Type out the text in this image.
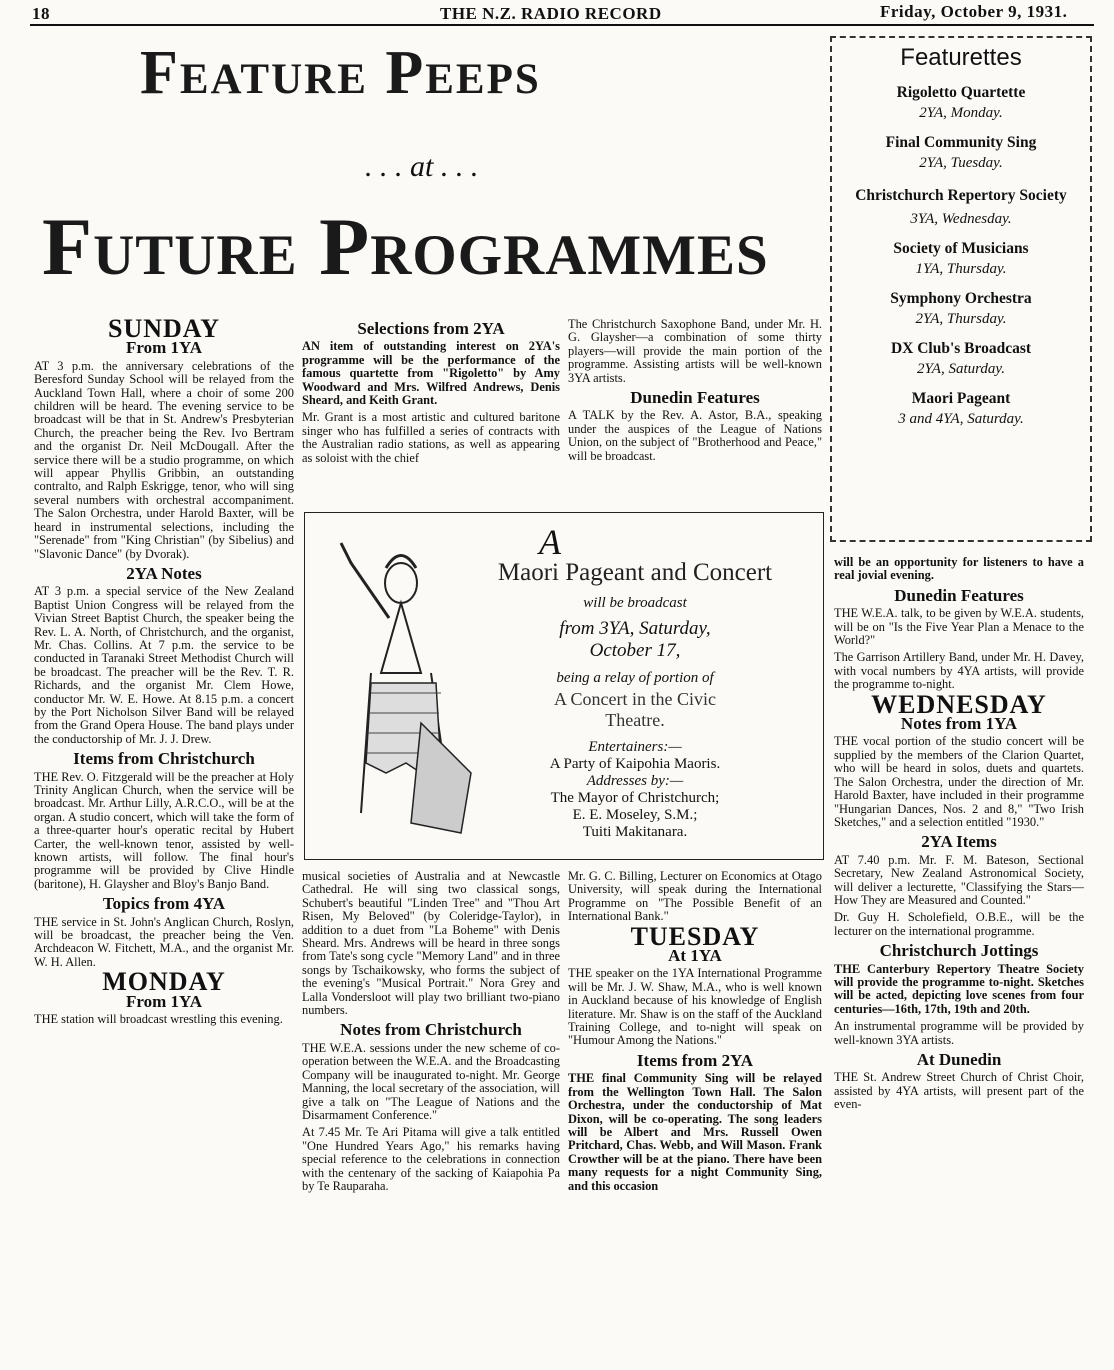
18	THE N.Z. RADIO RECORD	Friday, October 9, 1931.
Feature Peeps
. . . at . . .
Future Programmes
Featurettes
Rigoletto Quartette
2YA, Monday.
Final Community Sing
2YA, Tuesday.
Christchurch Repertory Society
3YA, Wednesday.
Society of Musicians
1YA, Thursday.
Symphony Orchestra
2YA, Thursday.
DX Club's Broadcast
2YA, Saturday.
Maori Pageant
3 and 4YA, Saturday.
SUNDAY
From 1YA

AT 3 p.m. the anniversary celebrations of the Beresford Sunday School will be relayed from the Auckland Town Hall, where a choir of some 200 children will be heard. The evening service to be broadcast will be that in St. Andrew's Presbyterian Church, the preacher being the Rev. Ivo Bertram and the organist Dr. Neil McDougall. After the service there will be a studio programme, on which will appear Phyllis Gribbin, an outstanding contralto, and Ralph Eskrigge, tenor, who will sing several numbers with orchestral accompaniment. The Salon Orchestra, under Harold Baxter, will be heard in instrumental selections, including the "Serenade" from "King Christian" (by Sibelius) and "Slavonic Dance" (by Dvorak).

2YA Notes

AT 3 p.m. a special service of the New Zealand Baptist Union Congress will be relayed from the Vivian Street Baptist Church, the speaker being the Rev. L. A. North, of Christchurch, and the organist, Mr. Chas. Collins. At 7 p.m. the service to be conducted in Taranaki Street Methodist Church will be broadcast. The preacher will be the Rev. T. R. Richards, and the organist Mr. Clem Howe, conductor Mr. W. E. Howe. At 8.15 p.m. a concert by the Port Nicholson Silver Band will be relayed from the Grand Opera House. The band plays under the conductorship of Mr. J. J. Drew.

Items from Christchurch

THE Rev. O. Fitzgerald will be the preacher at Holy Trinity Anglican Church, when the service will be broadcast. Mr. Arthur Lilly, A.R.C.O., will be at the organ. A studio concert, which will take the form of a three-quarter hour's operatic recital by Hubert Carter, the well-known tenor, assisted by well-known artists, will follow. The final hour's programme will be provided by Clive Hindle (baritone), H. Glaysher and Bloy's Banjo Band.

Topics from 4YA

THE service in St. John's Anglican Church, Roslyn, will be broadcast, the preacher being the Ven. Archdeacon W. Fitchett, M.A., and the organist Mr. W. H. Allen.

MONDAY
From 1YA

THE station will broadcast wrestling this evening.

Selections from 2YA

AN item of outstanding interest on 2YA's programme will be the performance of the famous quartette from "Rigoletto" by Amy Woodward and Mrs. Wilfred Andrews, Denis Sheard, and Keith Grant.

Mr. Grant is a most artistic and cultured baritone singer who has fulfilled a series of contracts with the Australian radio stations, as well as appearing as soloist with the chief

The Christchurch Saxophone Band, under Mr. H. G. Glaysher—a combination of some thirty players—will provide the main portion of the programme. Assisting artists will be well-known 3YA artists.

Dunedin Features

A TALK by the Rev. A. Astor, B.A., speaking under the auspices of the League of Nations Union, on the subject of "Brotherhood and Peace," will be broadcast.

A
Maori Pageant and Concert
will be broadcast
from 3YA, Saturday,
October 17,
being a relay of portion of
A Concert in the Civic
Theatre.
Entertainers:—
A Party of Kaipohia Maoris.
Addresses by:—
The Mayor of Christchurch;
E. E. Moseley, S.M.;
Tuiti Makitanara.

musical societies of Australia and at Newcastle Cathedral. He will sing two classical songs, Schubert's beautiful "Linden Tree" and "Thou Art Risen, My Beloved" (by Coleridge-Taylor), in addition to a duet from "La Boheme" with Denis Sheard. Mrs. Andrews will be heard in three songs from Tate's song cycle "Memory Land" and in three songs by Tschaikowsky, who forms the subject of the evening's "Musical Portrait." Nora Grey and Lalla Vondersloot will play two brilliant two-piano numbers.

Notes from Christchurch

THE W.E.A. sessions under the new scheme of co-operation between the W.E.A. and the Broadcasting Company will be inaugurated to-night. Mr. George Manning, the local secretary of the association, will give a talk on "The League of Nations and the Disarmament Conference."

At 7.45 Mr. Te Ari Pitama will give a talk entitled "One Hundred Years Ago," his remarks having special reference to the celebrations in connection with the centenary of the sacking of Kaiapohia Pa by Te Rauparaha.

Mr. G. C. Billing, Lecturer on Economics at Otago University, will speak during the International Programme on "The Possible Benefit of an International Bank."

TUESDAY
At 1YA

THE speaker on the 1YA International Programme will be Mr. J. W. Shaw, M.A., who is well known in Auckland because of his knowledge of English literature. Mr. Shaw is on the staff of the Auckland Training College, and to-night will speak on "Humour Among the Nations."

Items from 2YA

THE final Community Sing will be relayed from the Wellington Town Hall. The Salon Orchestra, under the conductorship of Mat Dixon, will be co-operating. The song leaders will be Albert and Mrs. Russell Owen Pritchard, Chas. Webb, and Will Mason. Frank Crowther will be at the piano. There have been many requests for a night Community Sing, and this occasion

will be an opportunity for listeners to have a real jovial evening.

Dunedin Features

THE W.E.A. talk, to be given by W.E.A. students, will be on "Is the Five Year Plan a Menace to the World?"

The Garrison Artillery Band, under Mr. H. Davey, with vocal numbers by 4YA artists, will provide the programme to-night.

WEDNESDAY
Notes from 1YA

THE vocal portion of the studio concert will be supplied by the members of the Clarion Quartet, who will be heard in solos, duets and quartets. The Salon Orchestra, under the direction of Mr. Harold Baxter, have included in their programme "Hungarian Dances, Nos. 2 and 8," "Two Irish Sketches," and a selection entitled "1930."

2YA Items

AT 7.40 p.m. Mr. F. M. Bateson, Sectional Secretary, New Zealand Astronomical Society, will deliver a lecturette, "Classifying the Stars—How They are Measured and Counted."

Dr. Guy H. Scholefield, O.B.E., will be the lecturer on the international programme.

Christchurch Jottings

THE Canterbury Repertory Theatre Society will provide the programme to-night. Sketches will be acted, depicting love scenes from four centuries—16th, 17th, 19th and 20th.

An instrumental programme will be provided by well-known 3YA artists.

At Dunedin

THE St. Andrew Street Church of Christ Choir, assisted by 4YA artists, will present part of the even-
